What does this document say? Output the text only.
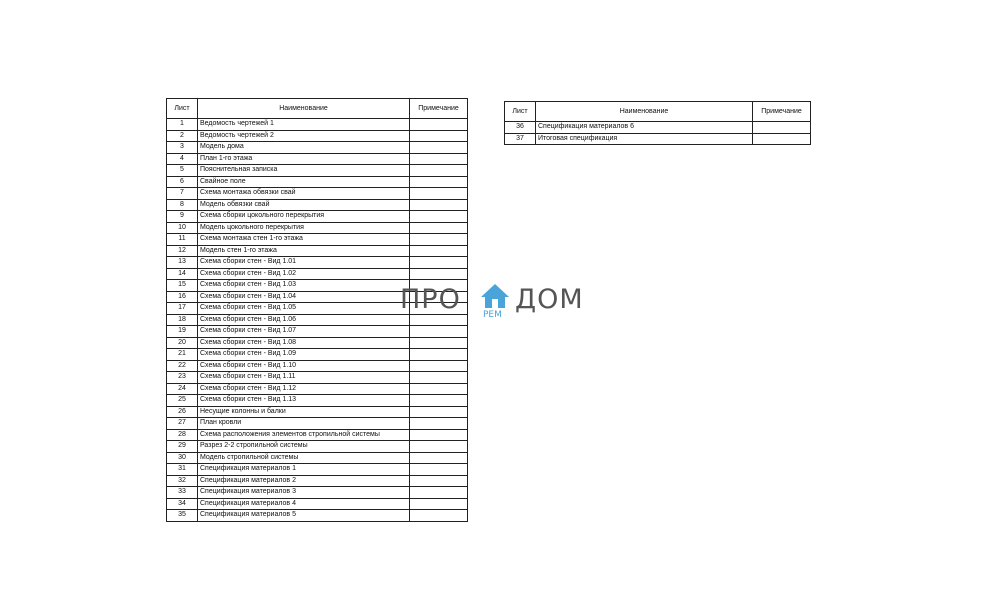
Лист	Наименование	Примечание
1	Ведомость чертежей 1	
2	Ведомость чертежей 2	
3	Модель дома	
4	План 1-го этажа	
5	Пояснительная записка	
6	Свайное поле	
7	Схема монтажа обвязки свай	
8	Модель обвязки свай	
9	Схема сборки цокольного перекрытия	
10	Модель цокольного перекрытия	
11	Схема монтажа стен 1-го этажа	
12	Модель стен 1-го этажа	
13	Схема сборки стен - Вид 1.01	
14	Схема сборки стен - Вид 1.02	
15	Схема сборки стен - Вид 1.03	
16	Схема сборки стен - Вид 1.04	
17	Схема сборки стен - Вид 1.05	
18	Схема сборки стен - Вид 1.06	
19	Схема сборки стен - Вид 1.07	
20	Схема сборки стен - Вид 1.08	
21	Схема сборки стен - Вид 1.09	
22	Схема сборки стен - Вид 1.10	
23	Схема сборки стен - Вид 1.11	
24	Схема сборки стен - Вид 1.12	
25	Схема сборки стен - Вид 1.13	
26	Несущие колонны и балки	
27	План кровли	
28	Схема расположения элементов стропильной системы	
29	Разрез 2-2 стропильной системы	
30	Модель стропильной системы	
31	Спецификация материалов 1	
32	Спецификация материалов 2	
33	Спецификация материалов 3	
34	Спецификация материалов 4	
35	Спецификация материалов 5	
Лист	Наименование	Примечание
36	Спецификация материалов 6	
37	Итоговая спецификация	
ПРО РЕМ ДОМ
